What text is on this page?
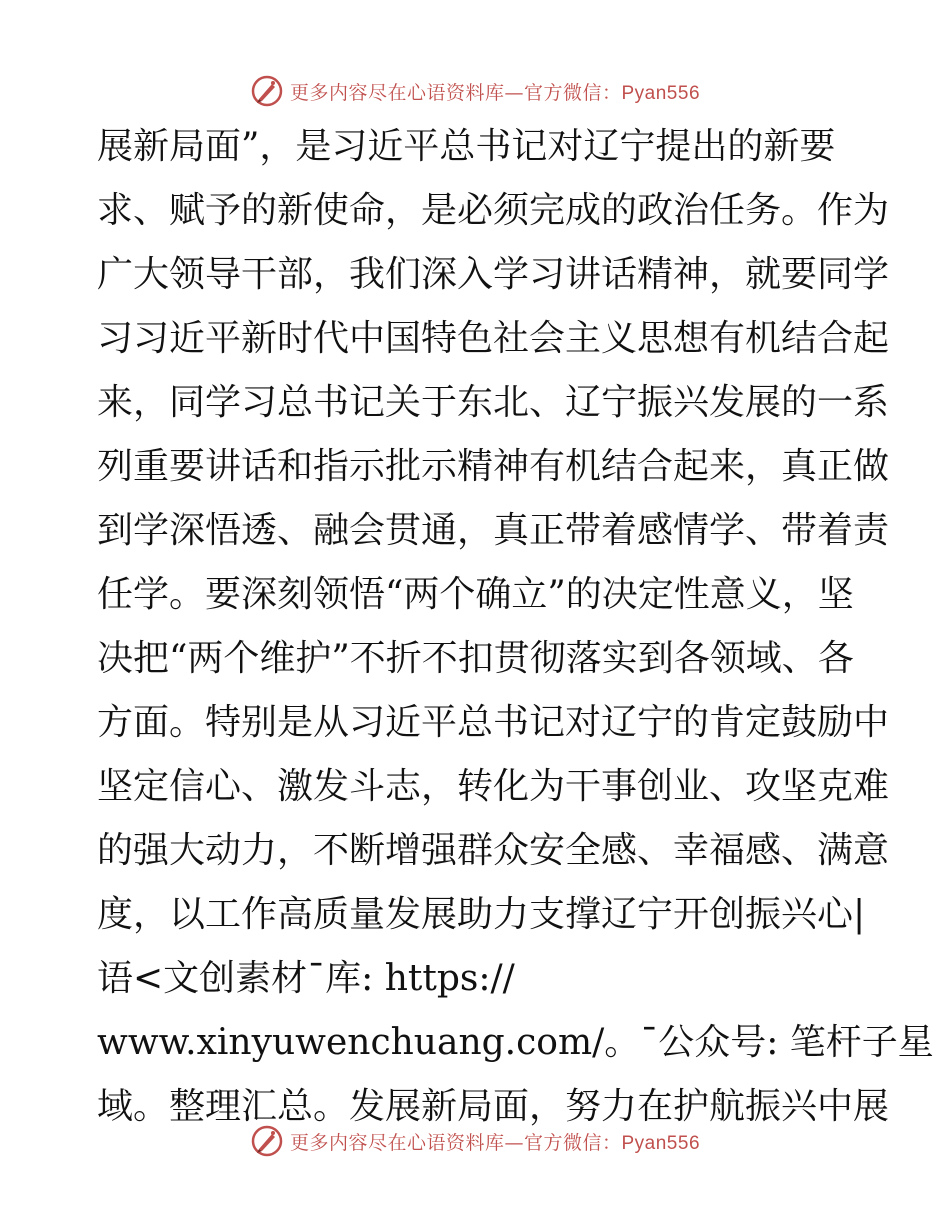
更多内容尽在心语资料库—官方微信：Pyan556
展新局面”，是习近平总书记对辽宁提出的新要
求、赋予的新使命，是必须完成的政治任务。作为
广大领导干部，我们深入学习讲话精神，就要同学
习习近平新时代中国特色社会主义思想有机结合起
来，同学习总书记关于东北、辽宁振兴发展的一系
列重要讲话和指示批示精神有机结合起来，真正做
到学深悟透、融会贯通，真正带着感情学、带着责
任学。要深刻领悟“两个确立”的决定性意义，坚
决把“两个维护”不折不扣贯彻落实到各领域、各
方面。特别是从习近平总书记对辽宁的肯定鼓励中
坚定信心、激发斗志，转化为干事创业、攻坚克难
的强大动力，不断增强群众安全感、幸福感、满意
度，以工作高质量发展助力支撑辽宁开创振兴心|
语<文创素材¯库: https://
www.xinyuwenchuang.com/。¯公众号: 笔杆子星
域。整理汇总。发展新局面，努力在护航振兴中展
更多内容尽在心语资料库—官方微信：Pyan556
